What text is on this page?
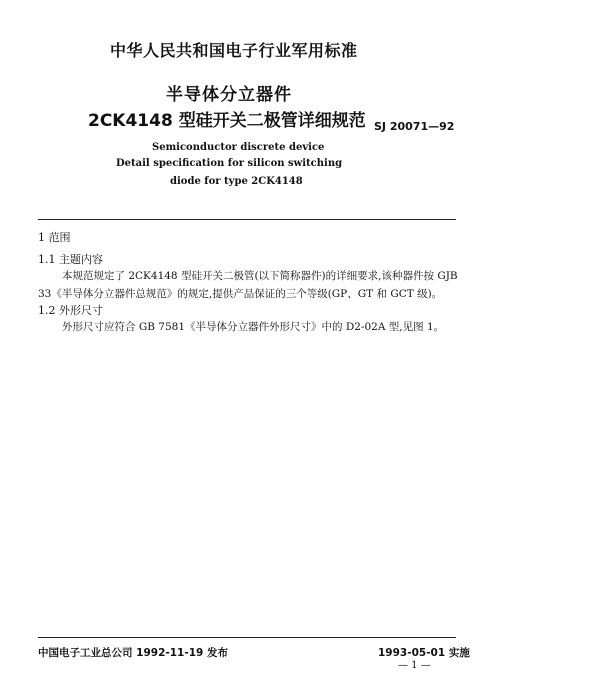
中华人民共和国电子行业军用标准
半导体分立器件
2CK4148 型硅开关二极管详细规范 SJ 20071—92
Semiconductor discrete device
Detail specification for silicon switching
diode for type 2CK4148
1 范围
1.1 主题内容
本规范规定了 2CK4148 型硅开关二极管(以下简称器件)的详细要求,该种器件按 GJB
33《半导体分立器件总规范》的规定,提供产品保证的三个等级(GP、GT 和 GCT 级)。
1.2 外形尺寸
外形尺寸应符合 GB 7581《半导体分立器件外形尺寸》中的 D2-02A 型,见图 1。
中国电子工业总公司 1992-11-19 发布	1993-05-01 实施
— 1 —
